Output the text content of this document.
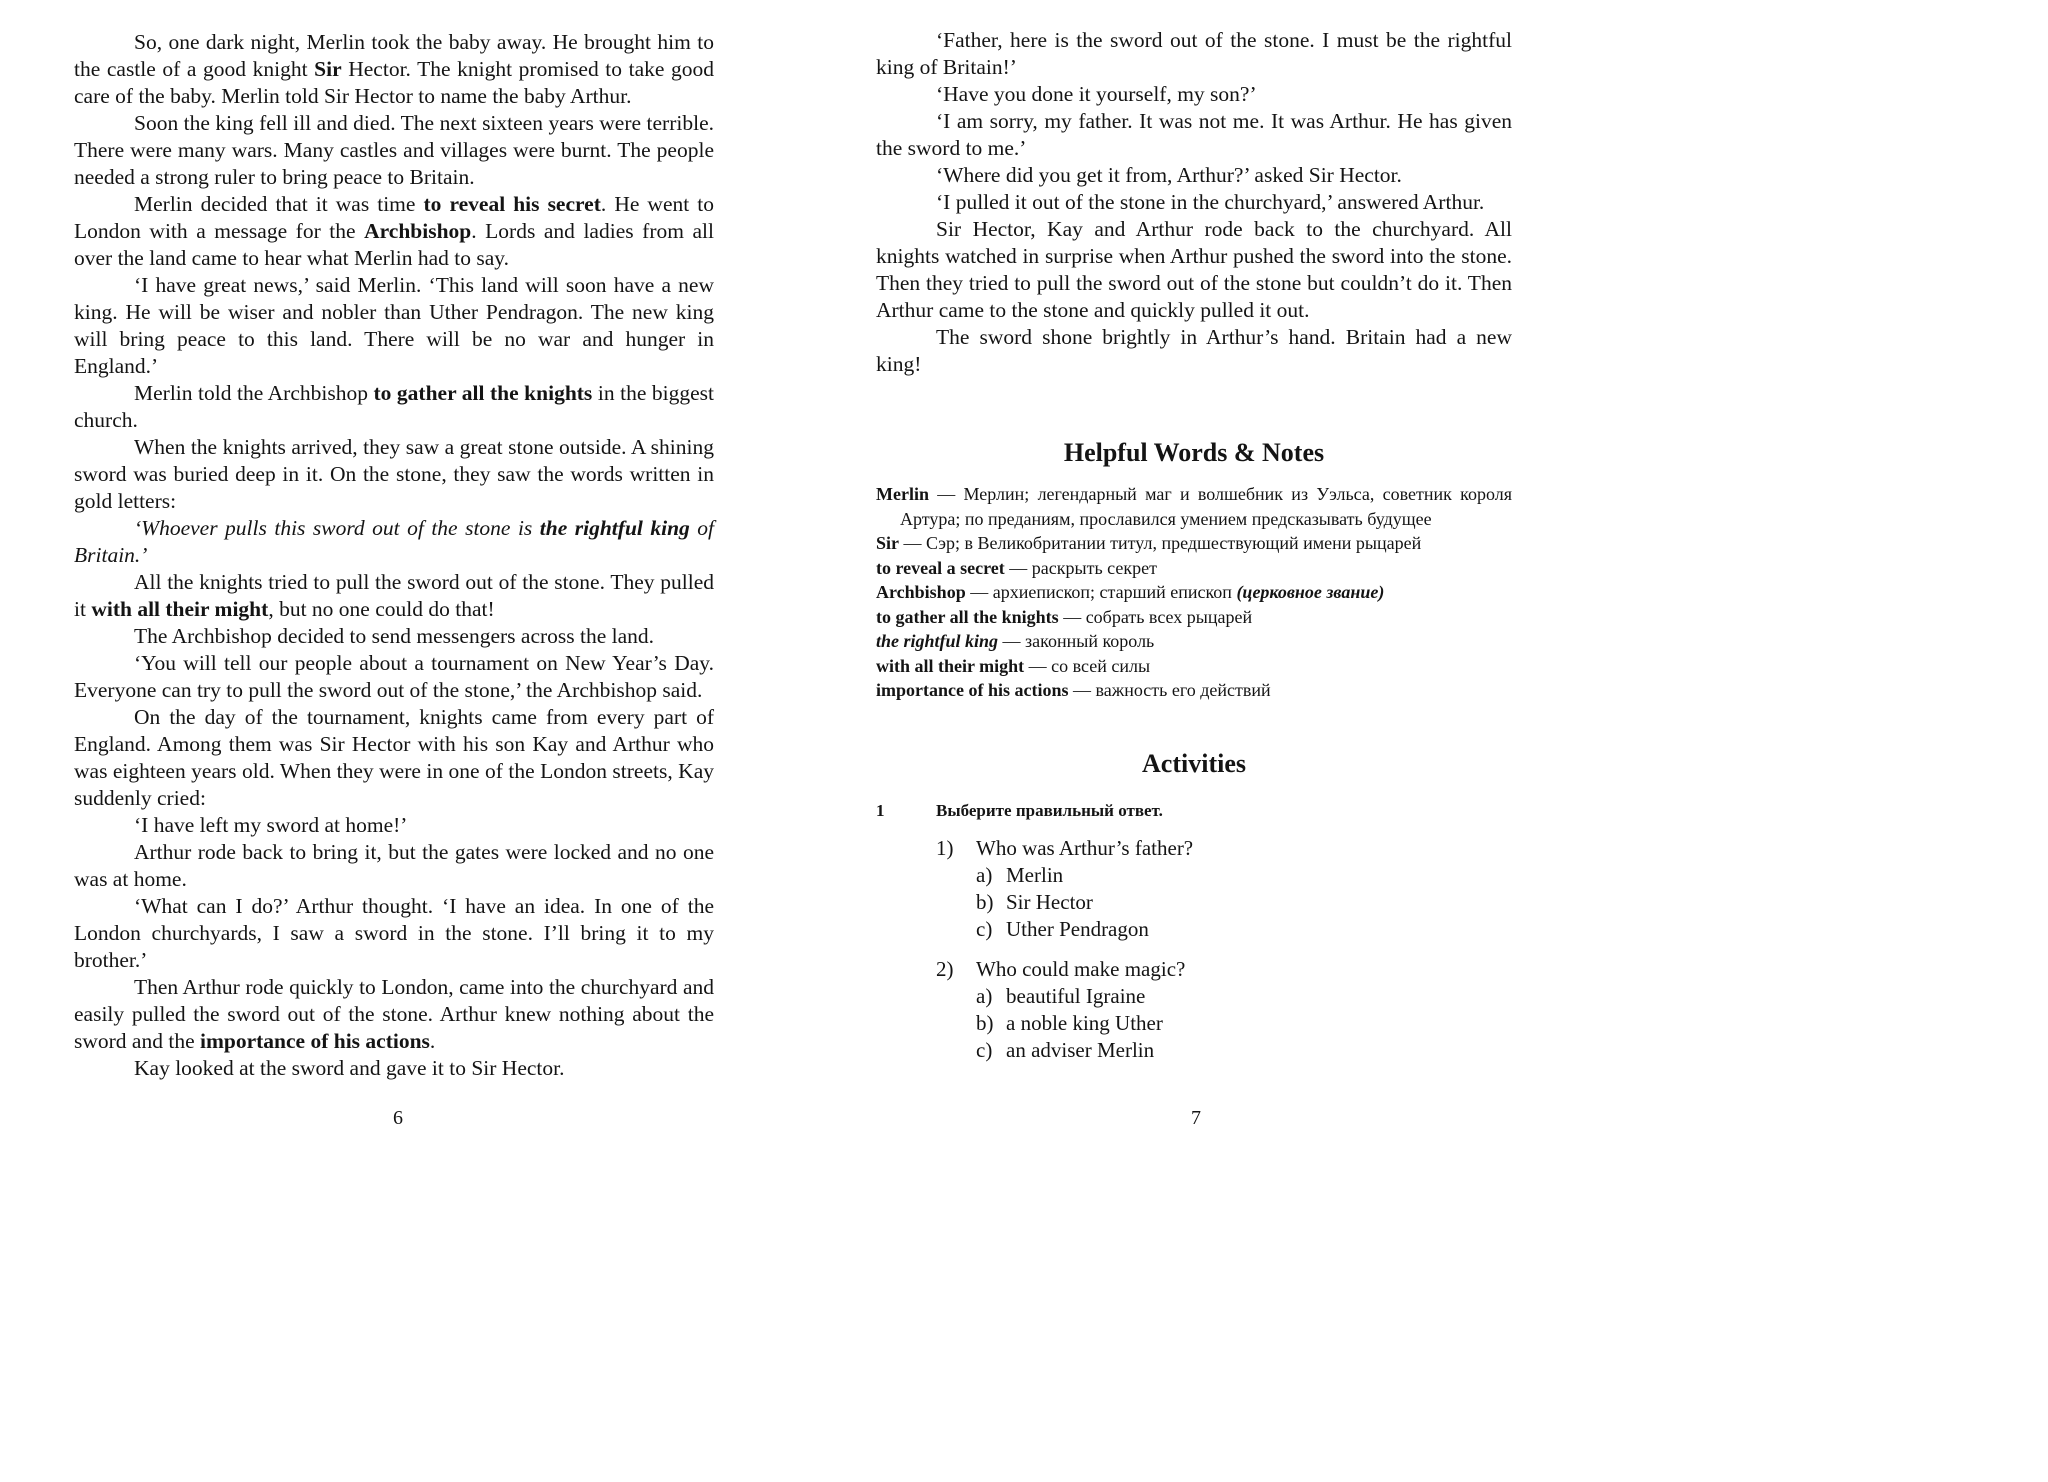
So, one dark night, Merlin took the baby away. He brought him to the castle of a good knight Sir Hector. The knight promised to take good care of the baby. Merlin told Sir Hector to name the baby Arthur.

Soon the king fell ill and died. The next sixteen years were terrible. There were many wars. Many castles and villages were burnt. The people needed a strong ruler to bring peace to Britain.

Merlin decided that it was time to reveal his secret. He went to London with a message for the Archbishop. Lords and ladies from all over the land came to hear what Merlin had to say.

‘I have great news,’ said Merlin. ‘This land will soon have a new king. He will be wiser and nobler than Uther Pendragon. The new king will bring peace to this land. There will be no war and hunger in England.’

Merlin told the Archbishop to gather all the knights in the biggest church.

When the knights arrived, they saw a great stone outside. A shining sword was buried deep in it. On the stone, they saw the words written in gold letters:

‘Whoever pulls this sword out of the stone is the rightful king of Britain.’

All the knights tried to pull the sword out of the stone. They pulled it with all their might, but no one could do that!

The Archbishop decided to send messengers across the land.

‘You will tell our people about a tournament on New Year’s Day. Everyone can try to pull the sword out of the stone,’ the Archbishop said.

On the day of the tournament, knights came from every part of England. Among them was Sir Hector with his son Kay and Arthur who was eighteen years old. When they were in one of the London streets, Kay suddenly cried:

‘I have left my sword at home!’

Arthur rode back to bring it, but the gates were locked and no one was at home.

‘What can I do?’ Arthur thought. ‘I have an idea. In one of the London churchyards, I saw a sword in the stone. I’ll bring it to my brother.’

Then Arthur rode quickly to London, came into the churchyard and easily pulled the sword out of the stone. Arthur knew nothing about the sword and the importance of his actions.

Kay looked at the sword and gave it to Sir Hector.

6

‘Father, here is the sword out of the stone. I must be the rightful king of Britain!’

‘Have you done it yourself, my son?’

‘I am sorry, my father. It was not me. It was Arthur. He has given the sword to me.’

‘Where did you get it from, Arthur?’ asked Sir Hector.

‘I pulled it out of the stone in the churchyard,’ answered Arthur.

Sir Hector, Kay and Arthur rode back to the churchyard. All knights watched in surprise when Arthur pushed the sword into the stone. Then they tried to pull the sword out of the stone but couldn’t do it. Then Arthur came to the stone and quickly pulled it out.

The sword shone brightly in Arthur’s hand. Britain had a new king!

Helpful Words & Notes

Merlin — Мерлин; легендарный маг и волшебник из Уэльса, советник короля Артура; по преданиям, прославился умением предсказывать будущее

Sir — Сэр; в Великобритании титул, предшествующий имени рыцарей

to reveal a secret — раскрыть секрет

Archbishop — архиепископ; старший епископ (церковное звание)

to gather all the knights — собрать всех рыцарей

the rightful king — законный король

with all their might — со всей силы

importance of his actions — важность его действий

Activities
1	Выберите правильный ответ.
1)	Who was Arthur’s father?
a) Merlin
b) Sir Hector
c) Uther Pendragon
2)	Who could make magic?
a) beautiful Igraine
b) a noble king Uther
c) an adviser Merlin
7
